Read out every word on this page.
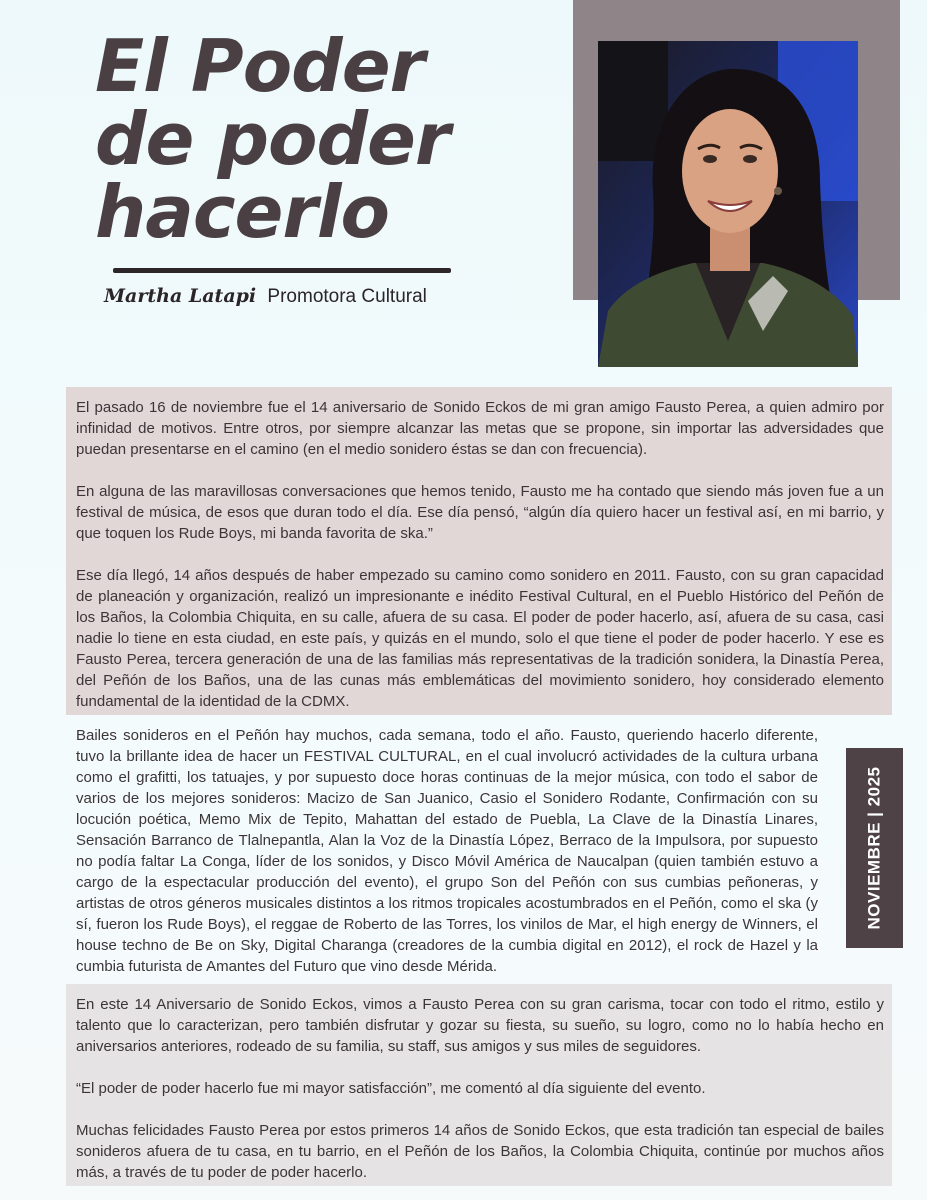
El Poder
de poder
hacerlo
Martha Latapi Promotora Cultural

El pasado 16 de noviembre fue el 14 aniversario de Sonido Eckos de mi gran amigo Fausto Perea, a quien admiro por infinidad de motivos. Entre otros, por siempre alcanzar las metas que se propone, sin importar las adversidades que puedan presentarse en el camino (en el medio sonidero éstas se dan con frecuencia).

En alguna de las maravillosas conversaciones que hemos tenido, Fausto me ha contado que siendo más joven fue a un festival de música, de esos que duran todo el día. Ese día pensó, “algún día quiero hacer un festival así, en mi barrio, y que toquen los Rude Boys, mi banda favorita de ska.”

Ese día llegó, 14 años después de haber empezado su camino como sonidero en 2011. Fausto, con su gran capacidad de planeación y organización, realizó un impresionante e inédito Festival Cultural, en el Pueblo Histórico del Peñón de los Baños, la Colombia Chiquita, en su calle, afuera de su casa. El poder de poder hacerlo, así, afuera de su casa, casi nadie lo tiene en esta ciudad, en este país, y quizás en el mundo, solo el que tiene el poder de poder hacerlo. Y ese es Fausto Perea, tercera generación de una de las familias más representativas de la tradición sonidera, la Dinastía Perea, del Peñón de los Baños, una de las cunas más emblemáticas del movimiento sonidero, hoy considerado elemento fundamental de la identidad de la CDMX.

Bailes sonideros en el Peñón hay muchos, cada semana, todo el año. Fausto, queriendo hacerlo diferente, tuvo la brillante idea de hacer un FESTIVAL CULTURAL, en el cual involucró actividades de la cultura urbana como el grafitti, los tatuajes, y por supuesto doce horas continuas de la mejor música, con todo el sabor de varios de los mejores sonideros: Macizo de San Juanico, Casio el Sonidero Rodante, Confirmación con su locución poética, Memo Mix de Tepito, Mahattan del estado de Puebla, La Clave de la Dinastía Linares, Sensación Barranco de Tlalnepantla, Alan la Voz de la Dinastía López, Berraco de la Impulsora, por supuesto no podía faltar La Conga, líder de los sonidos, y Disco Móvil América de Naucalpan (quien también estuvo a cargo de la espectacular producción del evento), el grupo Son del Peñón con sus cumbias peñoneras, y artistas de otros géneros musicales distintos a los ritmos tropicales acostumbrados en el Peñón, como el ska (y sí, fueron los Rude Boys), el reggae de Roberto de las Torres, los vinilos de Mar, el high energy de Winners, el house techno de Be on Sky, Digital Charanga (creadores de la cumbia digital en 2012), el rock de Hazel y la cumbia futurista de Amantes del Futuro que vino desde Mérida.

NOVIEMBRE | 2025

En este 14 Aniversario de Sonido Eckos, vimos a Fausto Perea con su gran carisma, tocar con todo el ritmo, estilo y talento que lo caracterizan, pero también disfrutar y gozar su fiesta, su sueño, su logro, como no lo había hecho en aniversarios anteriores, rodeado de su familia, su staff, sus amigos y sus miles de seguidores.

“El poder de poder hacerlo fue mi mayor satisfacción”, me comentó al día siguiente del evento.

Muchas felicidades Fausto Perea por estos primeros 14 años de Sonido Eckos, que esta tradición tan especial de bailes sonideros afuera de tu casa, en tu barrio, en el Peñón de los Baños, la Colombia Chiquita, continúe por muchos años más, a través de tu poder de poder hacerlo.
